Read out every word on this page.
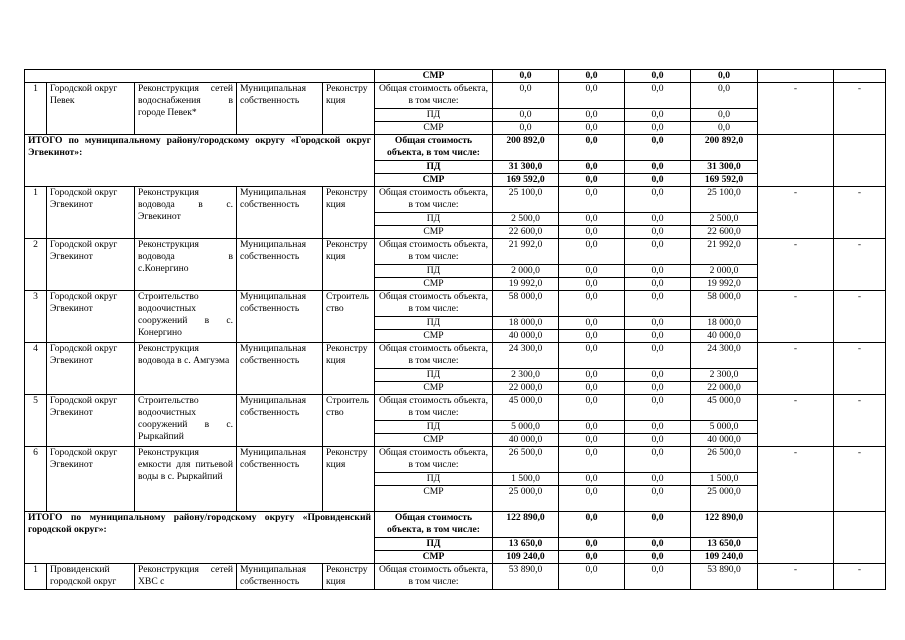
					СМР	0,0	0,0	0,0	0,0		
1	Городской округ Певек	Реконструкция сетей водоснабжения в городе Певек*	Муниципальная собственность	Реконструкция	Общая стоимость объекта, в том числе:	0,0	0,0	0,0	0,0	-	-
					ПД	0,0	0,0	0,0	0,0		
					СМР	0,0	0,0	0,0	0,0		
ИТОГО по муниципальному району/городскому округу «Городской округ Эгвекинот»:					Общая стоимость объекта, в том числе:	200 892,0	0,0	0,0	200 892,0		
					ПД	31 300,0	0,0	0,0	31 300,0		
					СМР	169 592,0	0,0	0,0	169 592,0		
1	Городской округ Эгвекинот	Реконструкция водовода в с. Эгвекинот	Муниципальная собственность	Реконструкция	Общая стоимость объекта, в том числе:	25 100,0	0,0	0,0	25 100,0	-	-
					ПД	2 500,0	0,0	0,0	2 500,0		
					СМР	22 600,0	0,0	0,0	22 600,0		
2	Городской округ Эгвекинот	Реконструкция водовода в с.Конергино	Муниципальная собственность	Реконструкция	Общая стоимость объекта, в том числе:	21 992,0	0,0	0,0	21 992,0	-	-
					ПД	2 000,0	0,0	0,0	2 000,0		
					СМР	19 992,0	0,0	0,0	19 992,0		
3	Городской округ Эгвекинот	Строительство водоочистных сооружений в с. Конергино	Муниципальная собственность	Строительство	Общая стоимость объекта, в том числе:	58 000,0	0,0	0,0	58 000,0	-	-
					ПД	18 000,0	0,0	0,0	18 000,0		
					СМР	40 000,0	0,0	0,0	40 000,0		
4	Городской округ Эгвекинот	Реконструкция водовода в с. Амгуэма	Муниципальная собственность	Реконструкция	Общая стоимость объекта, в том числе:	24 300,0	0,0	0,0	24 300,0	-	-
					ПД	2 300,0	0,0	0,0	2 300,0		
					СМР	22 000,0	0,0	0,0	22 000,0		
5	Городской округ Эгвекинот	Строительство водоочистных сооружений в с. Рыркайпий	Муниципальная собственность	Строительство	Общая стоимость объекта, в том числе:	45 000,0	0,0	0,0	45 000,0	-	-
					ПД	5 000,0	0,0	0,0	5 000,0		
					СМР	40 000,0	0,0	0,0	40 000,0		
6	Городской округ Эгвекинот	Реконструкция емкости для питьевой воды в с. Рыркайпий	Муниципальная собственность	Реконструкция	Общая стоимость объекта, в том числе:	26 500,0	0,0	0,0	26 500,0	-	-
					ПД	1 500,0	0,0	0,0	1 500,0		
					СМР	25 000,0	0,0	0,0	25 000,0		
ИТОГО по муниципальному району/городскому округу «Провиденский городской округ»:					Общая стоимость объекта, в том числе:	122 890,0	0,0	0,0	122 890,0		
					ПД	13 650,0	0,0	0,0	13 650,0		
					СМР	109 240,0	0,0	0,0	109 240,0		
1	Провиденский городской округ	Реконструкция сетей ХВС с	Муниципальная собственность	Реконструкция	Общая стоимость объекта, в том числе:	53 890,0	0,0	0,0	53 890,0	-	-
